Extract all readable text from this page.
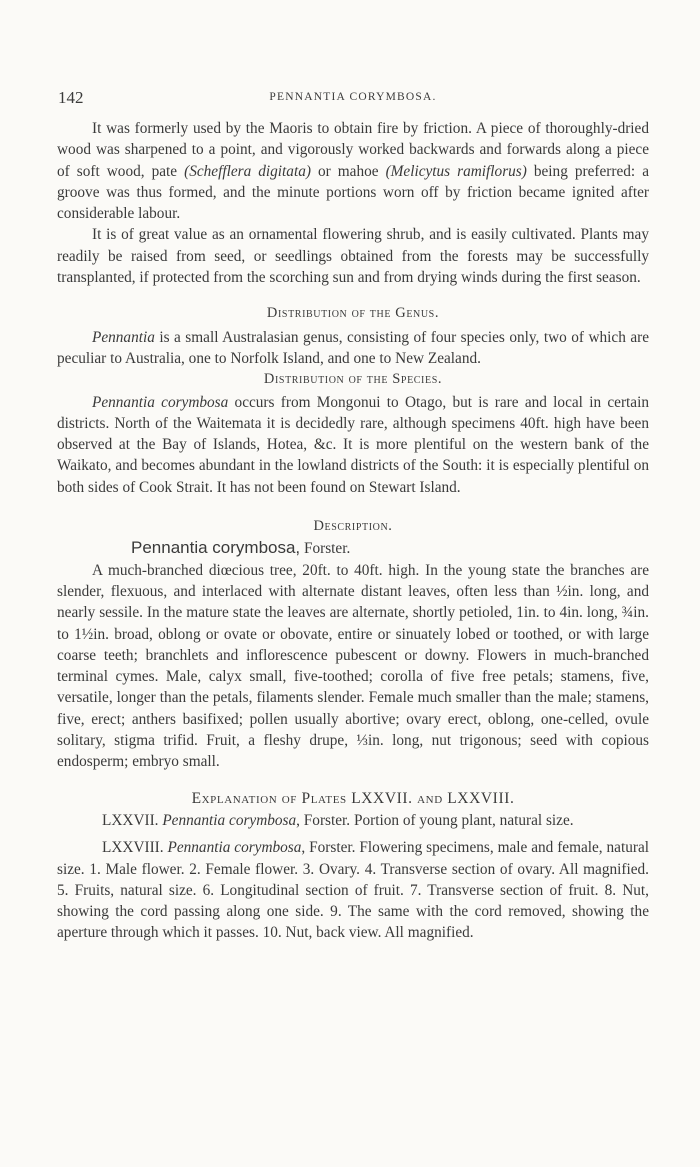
142	PENNANTIA CORYMBOSA.

It was formerly used by the Maoris to obtain fire by friction. A piece of thoroughly-dried wood was sharpened to a point, and vigorously worked backwards and forwards along a piece of soft wood, pate (Schefflera digitata) or mahoe (Melicytus ramiflorus) being preferred: a groove was thus formed, and the minute portions worn off by friction became ignited after considerable labour.

It is of great value as an ornamental flowering shrub, and is easily cultivated. Plants may readily be raised from seed, or seedlings obtained from the forests may be successfully transplanted, if protected from the scorching sun and from drying winds during the first season.

Distribution of the Genus.

Pennantia is a small Australasian genus, consisting of four species only, two of which are peculiar to Australia, one to Norfolk Island, and one to New Zealand.

Distribution of the Species.

Pennantia corymbosa occurs from Mongonui to Otago, but is rare and local in certain districts. North of the Waitemata it is decidedly rare, although specimens 40ft. high have been observed at the Bay of Islands, Hotea, &c. It is more plentiful on the western bank of the Waikato, and becomes abundant in the lowland districts of the South: it is especially plentiful on both sides of Cook Strait. It has not been found on Stewart Island.

Description.

Pennantia corymbosa, Forster.

A much-branched diœcious tree, 20ft. to 40ft. high. In the young state the branches are slender, flexuous, and interlaced with alternate distant leaves, often less than ½in. long, and nearly sessile. In the mature state the leaves are alternate, shortly petioled, 1in. to 4in. long, ¾in. to 1½in. broad, oblong or ovate or obovate, entire or sinuately lobed or toothed, or with large coarse teeth; branchlets and inflorescence pubescent or downy. Flowers in much-branched terminal cymes. Male, calyx small, five-toothed; corolla of five free petals; stamens, five, versatile, longer than the petals, filaments slender. Female much smaller than the male; stamens, five, erect; anthers basifixed; pollen usually abortive; ovary erect, oblong, one-celled, ovule solitary, stigma trifid. Fruit, a fleshy drupe, ⅓in. long, nut trigonous; seed with copious endosperm; embryo small.

Explanation of Plates LXXVII. and LXXVIII.

LXXVII. Pennantia corymbosa, Forster. Portion of young plant, natural size.

LXXVIII. Pennantia corymbosa, Forster. Flowering specimens, male and female, natural size. 1. Male flower. 2. Female flower. 3. Ovary. 4. Transverse section of ovary. All magnified. 5. Fruits, natural size. 6. Longitudinal section of fruit. 7. Transverse section of fruit. 8. Nut, showing the cord passing along one side. 9. The same with the cord removed, showing the aperture through which it passes. 10. Nut, back view. All magnified.
